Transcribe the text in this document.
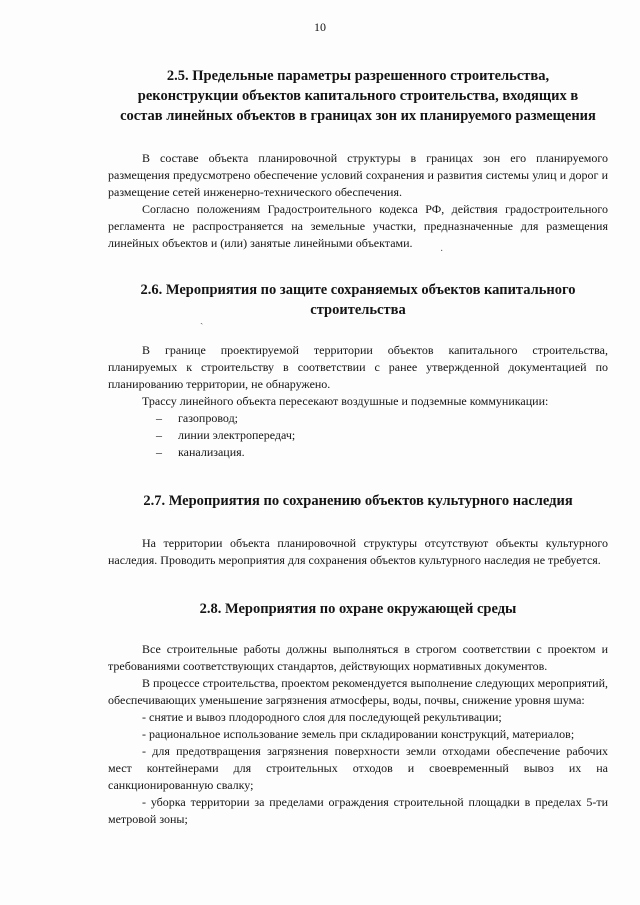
10
·
ˎ
2.5. Предельные параметры разрешенного строительства,
реконструкции объектов капитального строительства, входящих в
состав линейных объектов в границах зон их планируемого размещения

В составе объекта планировочной структуры в границах зон его планируемого размещения предусмотрено обеспечение условий сохранения и развития системы улиц и дорог и размещение сетей инженерно-технического обеспечения.

Согласно положениям Градостроительного кодекса РФ, действия градостроительного регламента не распространяется на земельные участки, предназначенные для размещения линейных объектов и (или) занятые линейными объектами.

2.6. Мероприятия по защите сохраняемых объектов капитального
строительства

В границе проектируемой территории объектов капитального строительства, планируемых к строительству в соответствии с ранее утвержденной документацией по планированию территории, не обнаружено.

Трассу линейного объекта пересекают воздушные и подземные коммуникации:

– газопровод;
– линии электропередач;
– канализация.
2.7. Мероприятия по сохранению объектов культурного наследия

На территории объекта планировочной структуры отсутствуют объекты культурного наследия. Проводить мероприятия для сохранения объектов культурного наследия не требуется.

2.8. Мероприятия по охране окружающей среды

Все строительные работы должны выполняться в строгом соответствии с проектом и требованиями соответствующих стандартов, действующих нормативных документов.

В процессе строительства, проектом рекомендуется выполнение следующих мероприятий, обеспечивающих уменьшение загрязнения атмосферы, воды, почвы, снижение уровня шума:

- снятие и вывоз плодородного слоя для последующей рекультивации;

- рациональное использование земель при складировании конструкций, материалов;

- для предотвращения загрязнения поверхности земли отходами обеспечение рабочих мест контейнерами для строительных отходов и своевременный вывоз их на санкционированную свалку;

- уборка территории за пределами ограждения строительной площадки в пределах 5-ти метровой зоны;
